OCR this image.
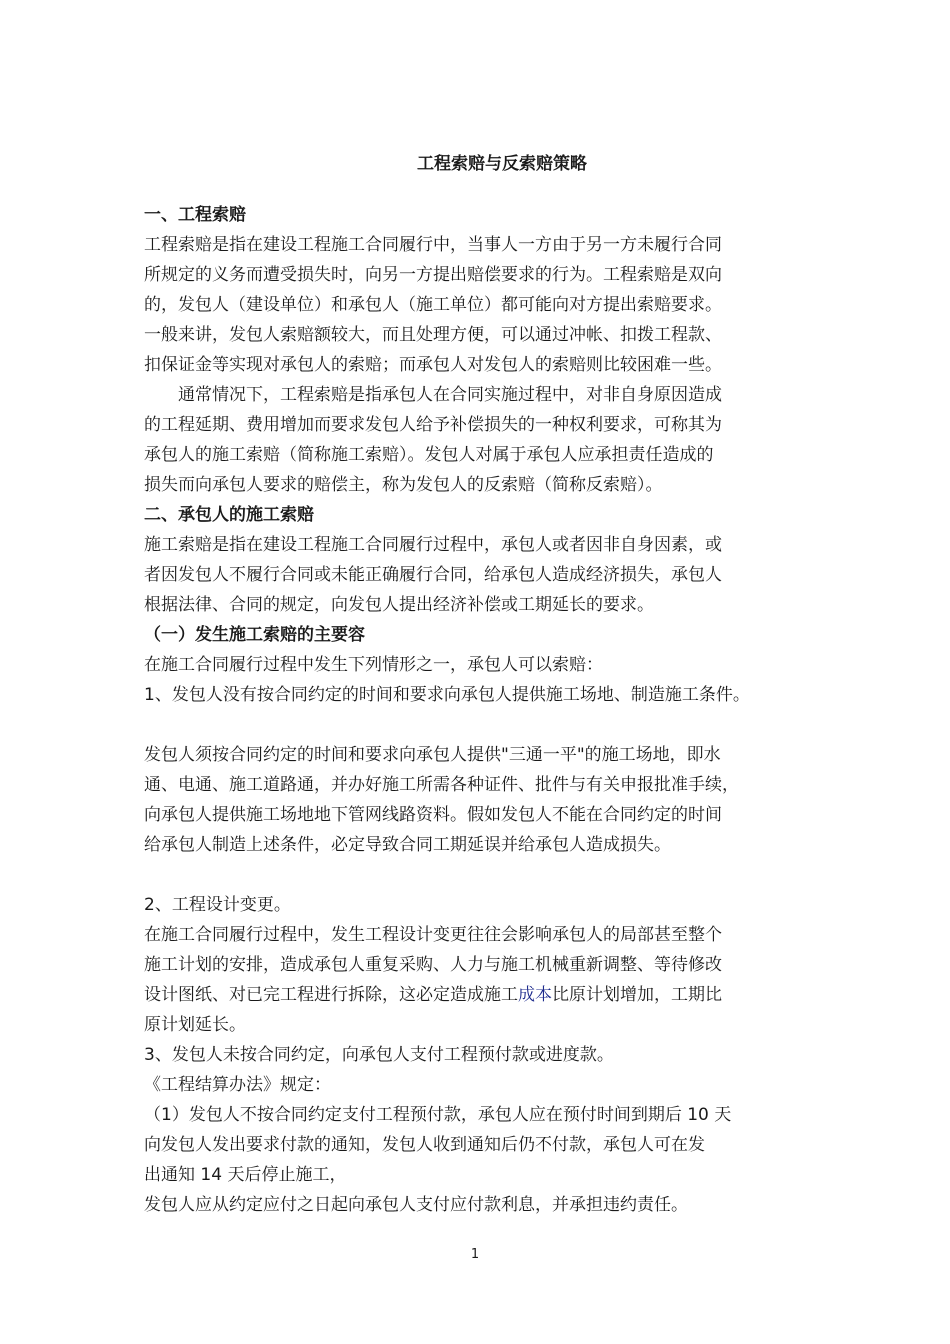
工程索赔与反索赔策略

一、工程索赔

工程索赔是指在建设工程施工合同履行中，当事人一方由于另一方未履行合同

所规定的义务而遭受损失时，向另一方提出赔偿要求的行为。工程索赔是双向

的，发包人（建设单位）和承包人（施工单位）都可能向对方提出索赔要求。

一般来讲，发包人索赔额较大，而且处理方便，可以通过冲帐、扣拨工程款、

扣保证金等实现对承包人的索赔；而承包人对发包人的索赔则比较困难一些。

通常情况下，工程索赔是指承包人在合同实施过程中，对非自身原因造成

的工程延期、费用增加而要求发包人给予补偿损失的一种权利要求，可称其为

承包人的施工索赔（简称施工索赔）。发包人对属于承包人应承担责任造成的

损失而向承包人要求的赔偿主，称为发包人的反索赔（简称反索赔）。

二、承包人的施工索赔

施工索赔是指在建设工程施工合同履行过程中，承包人或者因非自身因素，或

者因发包人不履行合同或未能正确履行合同，给承包人造成经济损失，承包人

根据法律、合同的规定，向发包人提出经济补偿或工期延长的要求。

（一）发生施工索赔的主要容

在施工合同履行过程中发生下列情形之一，承包人可以索赔：

1、发包人没有按合同约定的时间和要求向承包人提供施工场地、制造施工条件。

发包人须按合同约定的时间和要求向承包人提供"三通一平"的施工场地，即水

通、电通、施工道路通，并办好施工所需各种证件、批件与有关申报批准手续，

向承包人提供施工场地地下管网线路资料。假如发包人不能在合同约定的时间

给承包人制造上述条件，必定导致合同工期延误并给承包人造成损失。

2、工程设计变更。

在施工合同履行过程中，发生工程设计变更往往会影响承包人的局部甚至整个

施工计划的安排，造成承包人重复采购、人力与施工机械重新调整、等待修改

设计图纸、对已完工程进行拆除，这必定造成施工成本比原计划增加，工期比

原计划延长。

3、发包人未按合同约定，向承包人支付工程预付款或进度款。

《工程结算办法》规定：

（1）发包人不按合同约定支付工程预付款，承包人应在预付时间到期后 10 天

向发包人发出要求付款的通知，发包人收到通知后仍不付款，承包人可在发

出通知 14 天后停止施工，

发包人应从约定应付之日起向承包人支付应付款利息，并承担违约责任。

1
